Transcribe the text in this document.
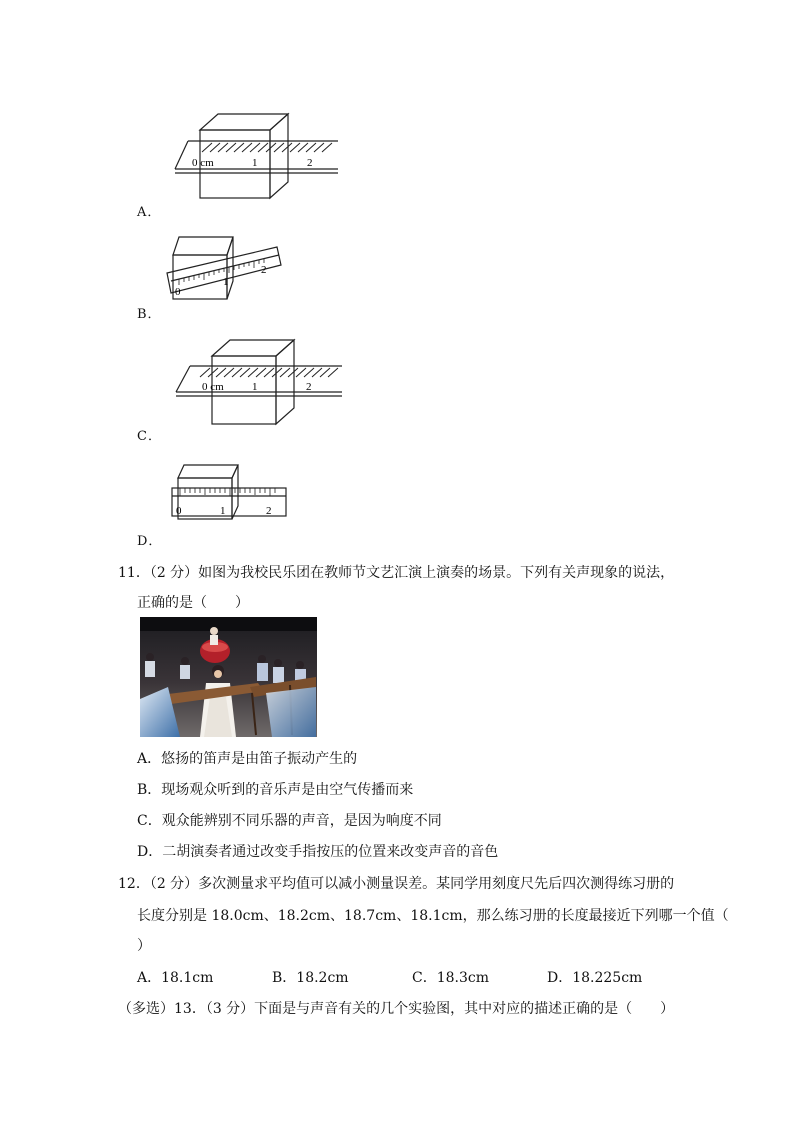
0 cm	1	2
A．
0
1
2
B．
0 cm	1	2
C．
0	1	2
D．
11．（2 分）如图为我校民乐团在教师节文艺汇演上演奏的场景。下列有关声现象的说法，
正确的是（　　）
A．悠扬的笛声是由笛子振动产生的
B．现场观众听到的音乐声是由空气传播而来
C．观众能辨别不同乐器的声音，是因为响度不同
D．二胡演奏者通过改变手指按压的位置来改变声音的音色
12．（2 分）多次测量求平均值可以减小测量误差。某同学用刻度尺先后四次测得练习册的
长度分别是 18.0cm、18.2cm、18.7cm、18.1cm，那么练习册的长度最接近下列哪一个值（
）
A．18.1cm	B．18.2cm	C．18.3cm	D．18.225cm
（多选）13．（3 分）下面是与声音有关的几个实验图，其中对应的描述正确的是（　　）
